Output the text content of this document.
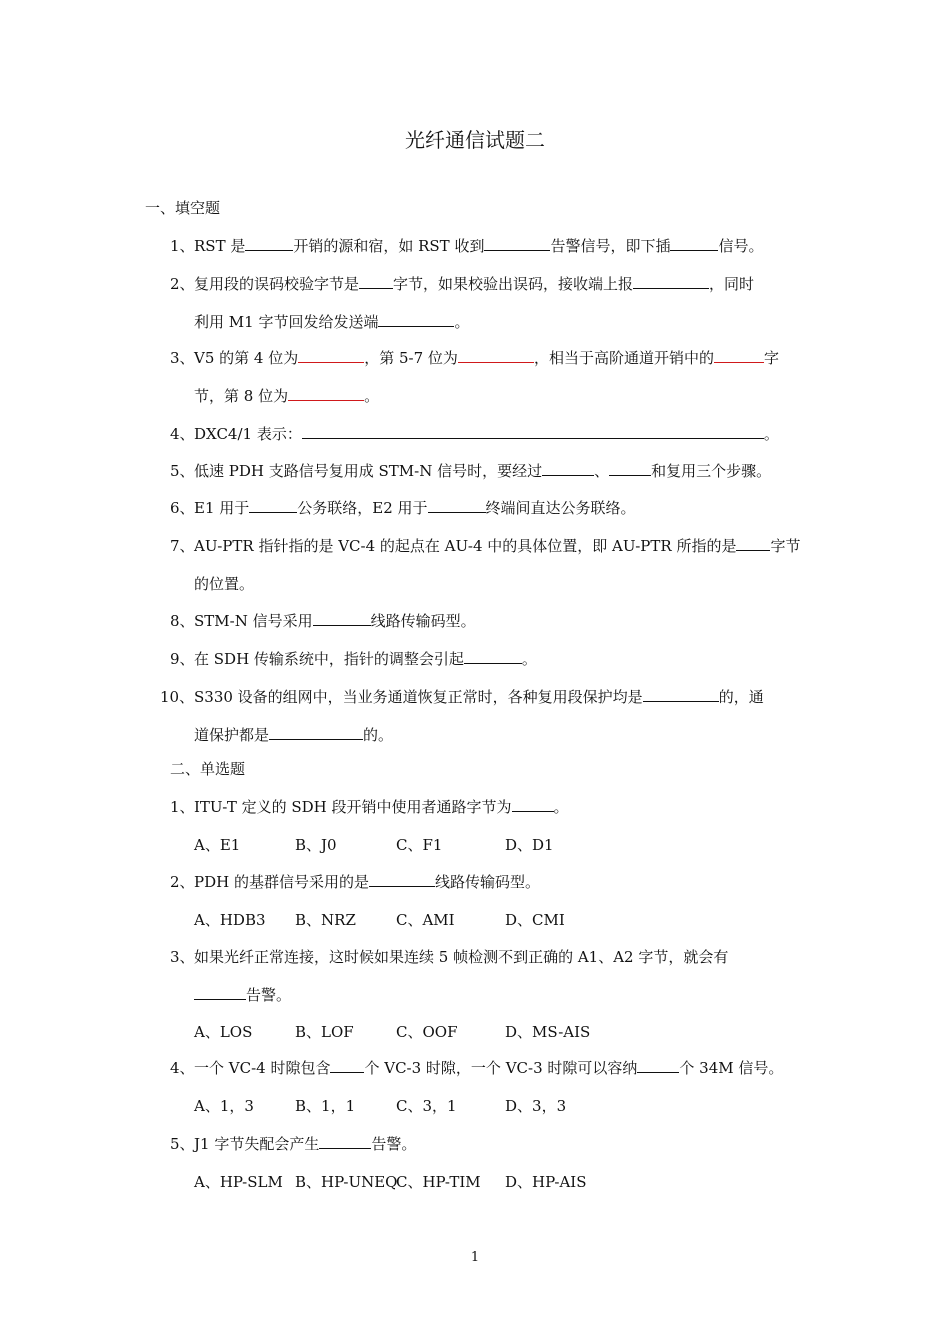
光纤通信试题二
一、填空题
RST 是	开销的源和宿，如 RST 收到	告警信号，即下插	信号。
1、
复用段的误码校验字节是 字节，如果校验出误码，接收端上报	，同时
2、
利用 M1 字节回发给发送端	。
V5 的第 4 位为	，第 5-7 位为	，相当于高阶通道开销中的	字
3、
节，第 8 位为	。
DXC4/1 表示：	。
4、
低速 PDH 支路信号复用成 STM-N 信号时，要经过	、	和复用三个步骤。
5、
E1 用于	公务联络，E2 用于	终端间直达公务联络。
6、
AU-PTR 指针指的是 VC-4 的起点在 AU-4 中的具体位置，即 AU-PTR 所指的是 字节
7、
的位置。
STM-N 信号采用	线路传输码型。
8、
在 SDH 传输系统中，指针的调整会引起	。
9、
S330 设备的组网中，当业务通道恢复正常时，各种复用段保护均是	的，通
10、
道保护都是	的。
二、单选题
ITU-T 定义的 SDH 段开销中使用者通路字节为	。
1、
A、E1	B、J0	C、F1	D、D1
PDH 的基群信号采用的是	线路传输码型。
2、
A、HDB3 B、NRZ	C、AMI	D、CMI
如果光纤正常连接，这时候如果连续 5 帧检测不到正确的 A1、A2 字节，就会有
3、
告警。
A、LOS	B、LOF	C、OOF	D、MS-AIS
一个 VC-4 时隙包含 个 VC-3 时隙，一个 VC-3 时隙可以容纳	个 34M 信号。
4、
A、1，3	B、1，1	C、3，1	D、3，3
J1 字节失配会产生	告警。
5、
A、HP-SLM B、HP-UNEQ
C、HP-TIM D、HP-AIS
1
